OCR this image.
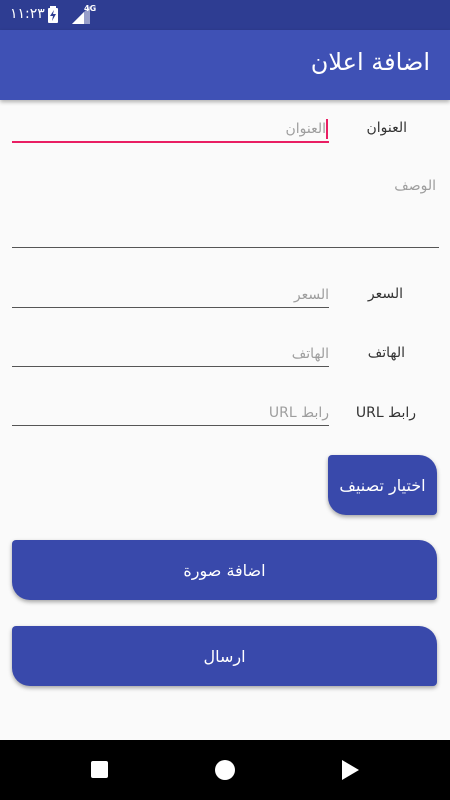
١١:٢٣	4G
اضافة اعلان
العنوان
العنوان
الوصف
السعر
السعر
الهاتف
الهاتف
رابط URL
رابط URL
اختيار تصنيف
اضافة صورة
ارسال
